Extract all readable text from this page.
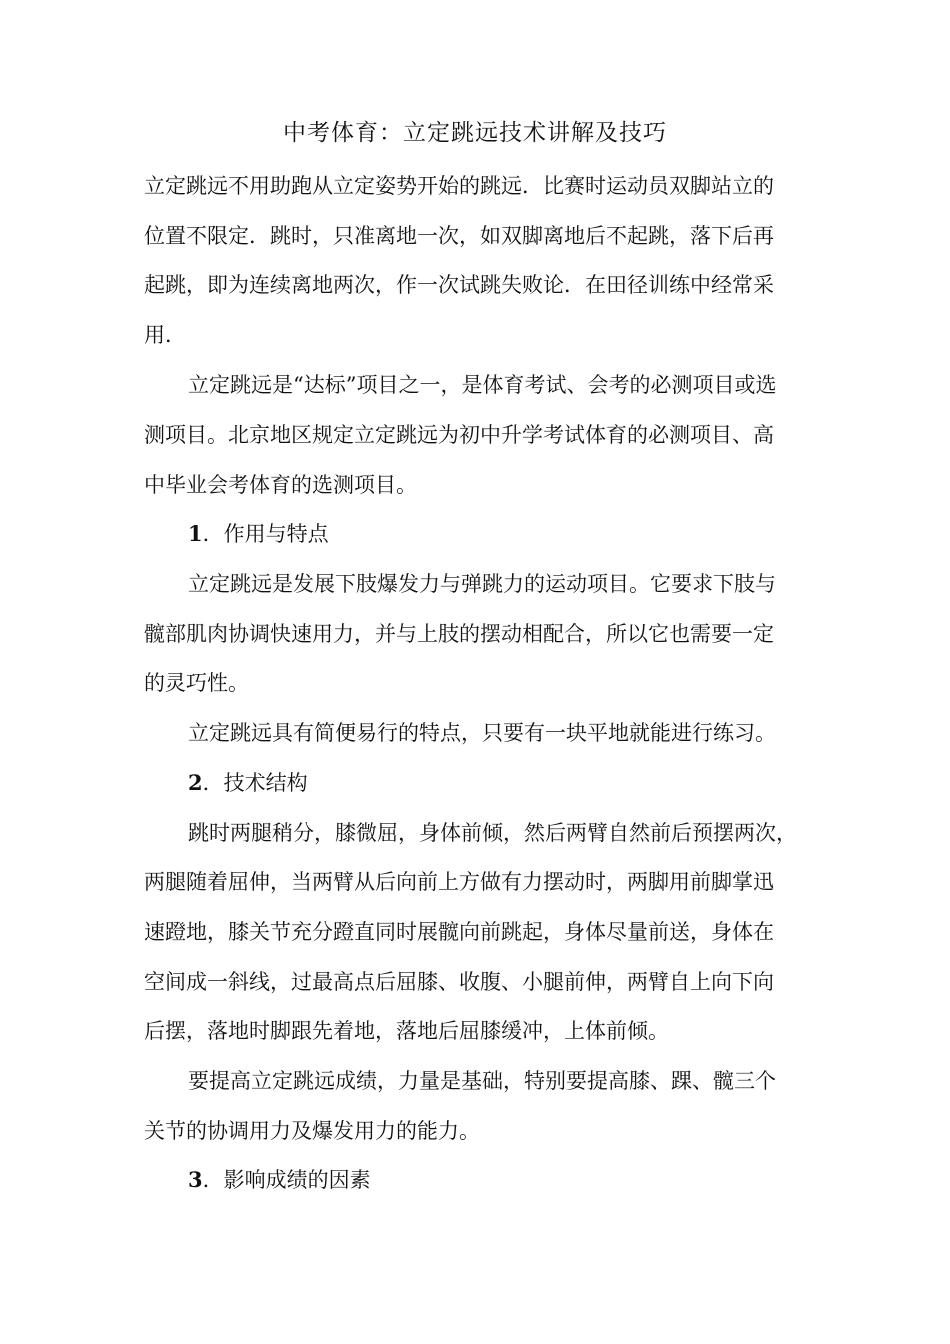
中考体育：立定跳远技术讲解及技巧

立定跳远不用助跑从立定姿势开始的跳远．比赛时运动员双脚站立的

位置不限定．跳时，只准离地一次，如双脚离地后不起跳，落下后再

起跳，即为连续离地两次，作一次试跳失败论．在田径训练中经常采

用．

立定跳远是“达标”项目之一，是体育考试、会考的必测项目或选

测项目。北京地区规定立定跳远为初中升学考试体育的必测项目、高

中毕业会考体育的选测项目。

1．作用与特点

立定跳远是发展下肢爆发力与弹跳力的运动项目。它要求下肢与

髋部肌肉协调快速用力，并与上肢的摆动相配合，所以它也需要一定

的灵巧性。

立定跳远具有简便易行的特点，只要有一块平地就能进行练习。

2．技术结构

跳时两腿稍分，膝微屈，身体前倾，然后两臂自然前后预摆两次，

两腿随着屈伸，当两臂从后向前上方做有力摆动时，两脚用前脚掌迅

速蹬地，膝关节充分蹬直同时展髋向前跳起，身体尽量前送，身体在

空间成一斜线，过最高点后屈膝、收腹、小腿前伸，两臂自上向下向

后摆，落地时脚跟先着地，落地后屈膝缓冲，上体前倾。

要提高立定跳远成绩，力量是基础，特别要提高膝、踝、髋三个

关节的协调用力及爆发用力的能力。

3．影响成绩的因素
